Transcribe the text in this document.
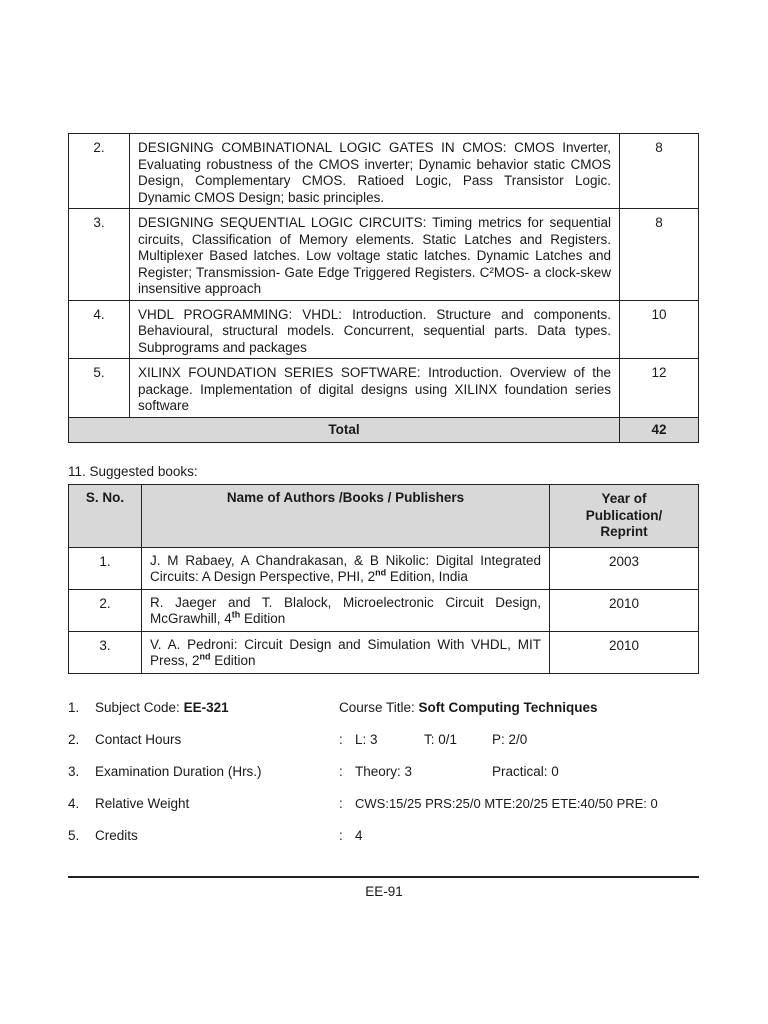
2.	DESIGNING COMBINATIONAL LOGIC GATES IN CMOS: CMOS Inverter, Evaluating robustness of the CMOS inverter; Dynamic behavior static CMOS Design, Complementary CMOS. Ratioed Logic, Pass Transistor Logic. Dynamic CMOS Design; basic principles.	8
3.	DESIGNING SEQUENTIAL LOGIC CIRCUITS: Timing metrics for sequential circuits, Classification of Memory elements. Static Latches and Registers. Multiplexer Based latches. Low voltage static latches. Dynamic Latches and Register; Transmission- Gate Edge Triggered Registers. C²MOS- a clock-skew insensitive approach	8
4.	VHDL PROGRAMMING: VHDL: Introduction. Structure and components. Behavioural, structural models. Concurrent, sequential parts. Data types. Subprograms and packages	10
5.	XILINX FOUNDATION SERIES SOFTWARE: Introduction. Overview of the package. Implementation of digital designs using XILINX foundation series software	12
Total		42
11. Suggested books:
S. No.	Name of Authors /Books / Publishers	Year of Publication/ Reprint
1.	J. M Rabaey, A Chandrakasan, & B Nikolic: Digital Integrated Circuits: A Design Perspective, PHI, 2nd Edition, India	2003
2.	R. Jaeger and T. Blalock, Microelectronic Circuit Design, McGrawhill, 4th Edition	2010
3.	V. A. Pedroni: Circuit Design and Simulation With VHDL, MIT Press, 2nd Edition	2010
1. Subject Code: EE-321	Course Title: Soft Computing Techniques
2. Contact Hours	: L: 3	T: 0/1	P: 2/0
3. Examination Duration (Hrs.)	: Theory: 3	Practical: 0
4. Relative Weight	: CWS:15/25 PRS:25/0 MTE:20/25 ETE:40/50 PRE: 0
5. Credits	: 4
EE-91
